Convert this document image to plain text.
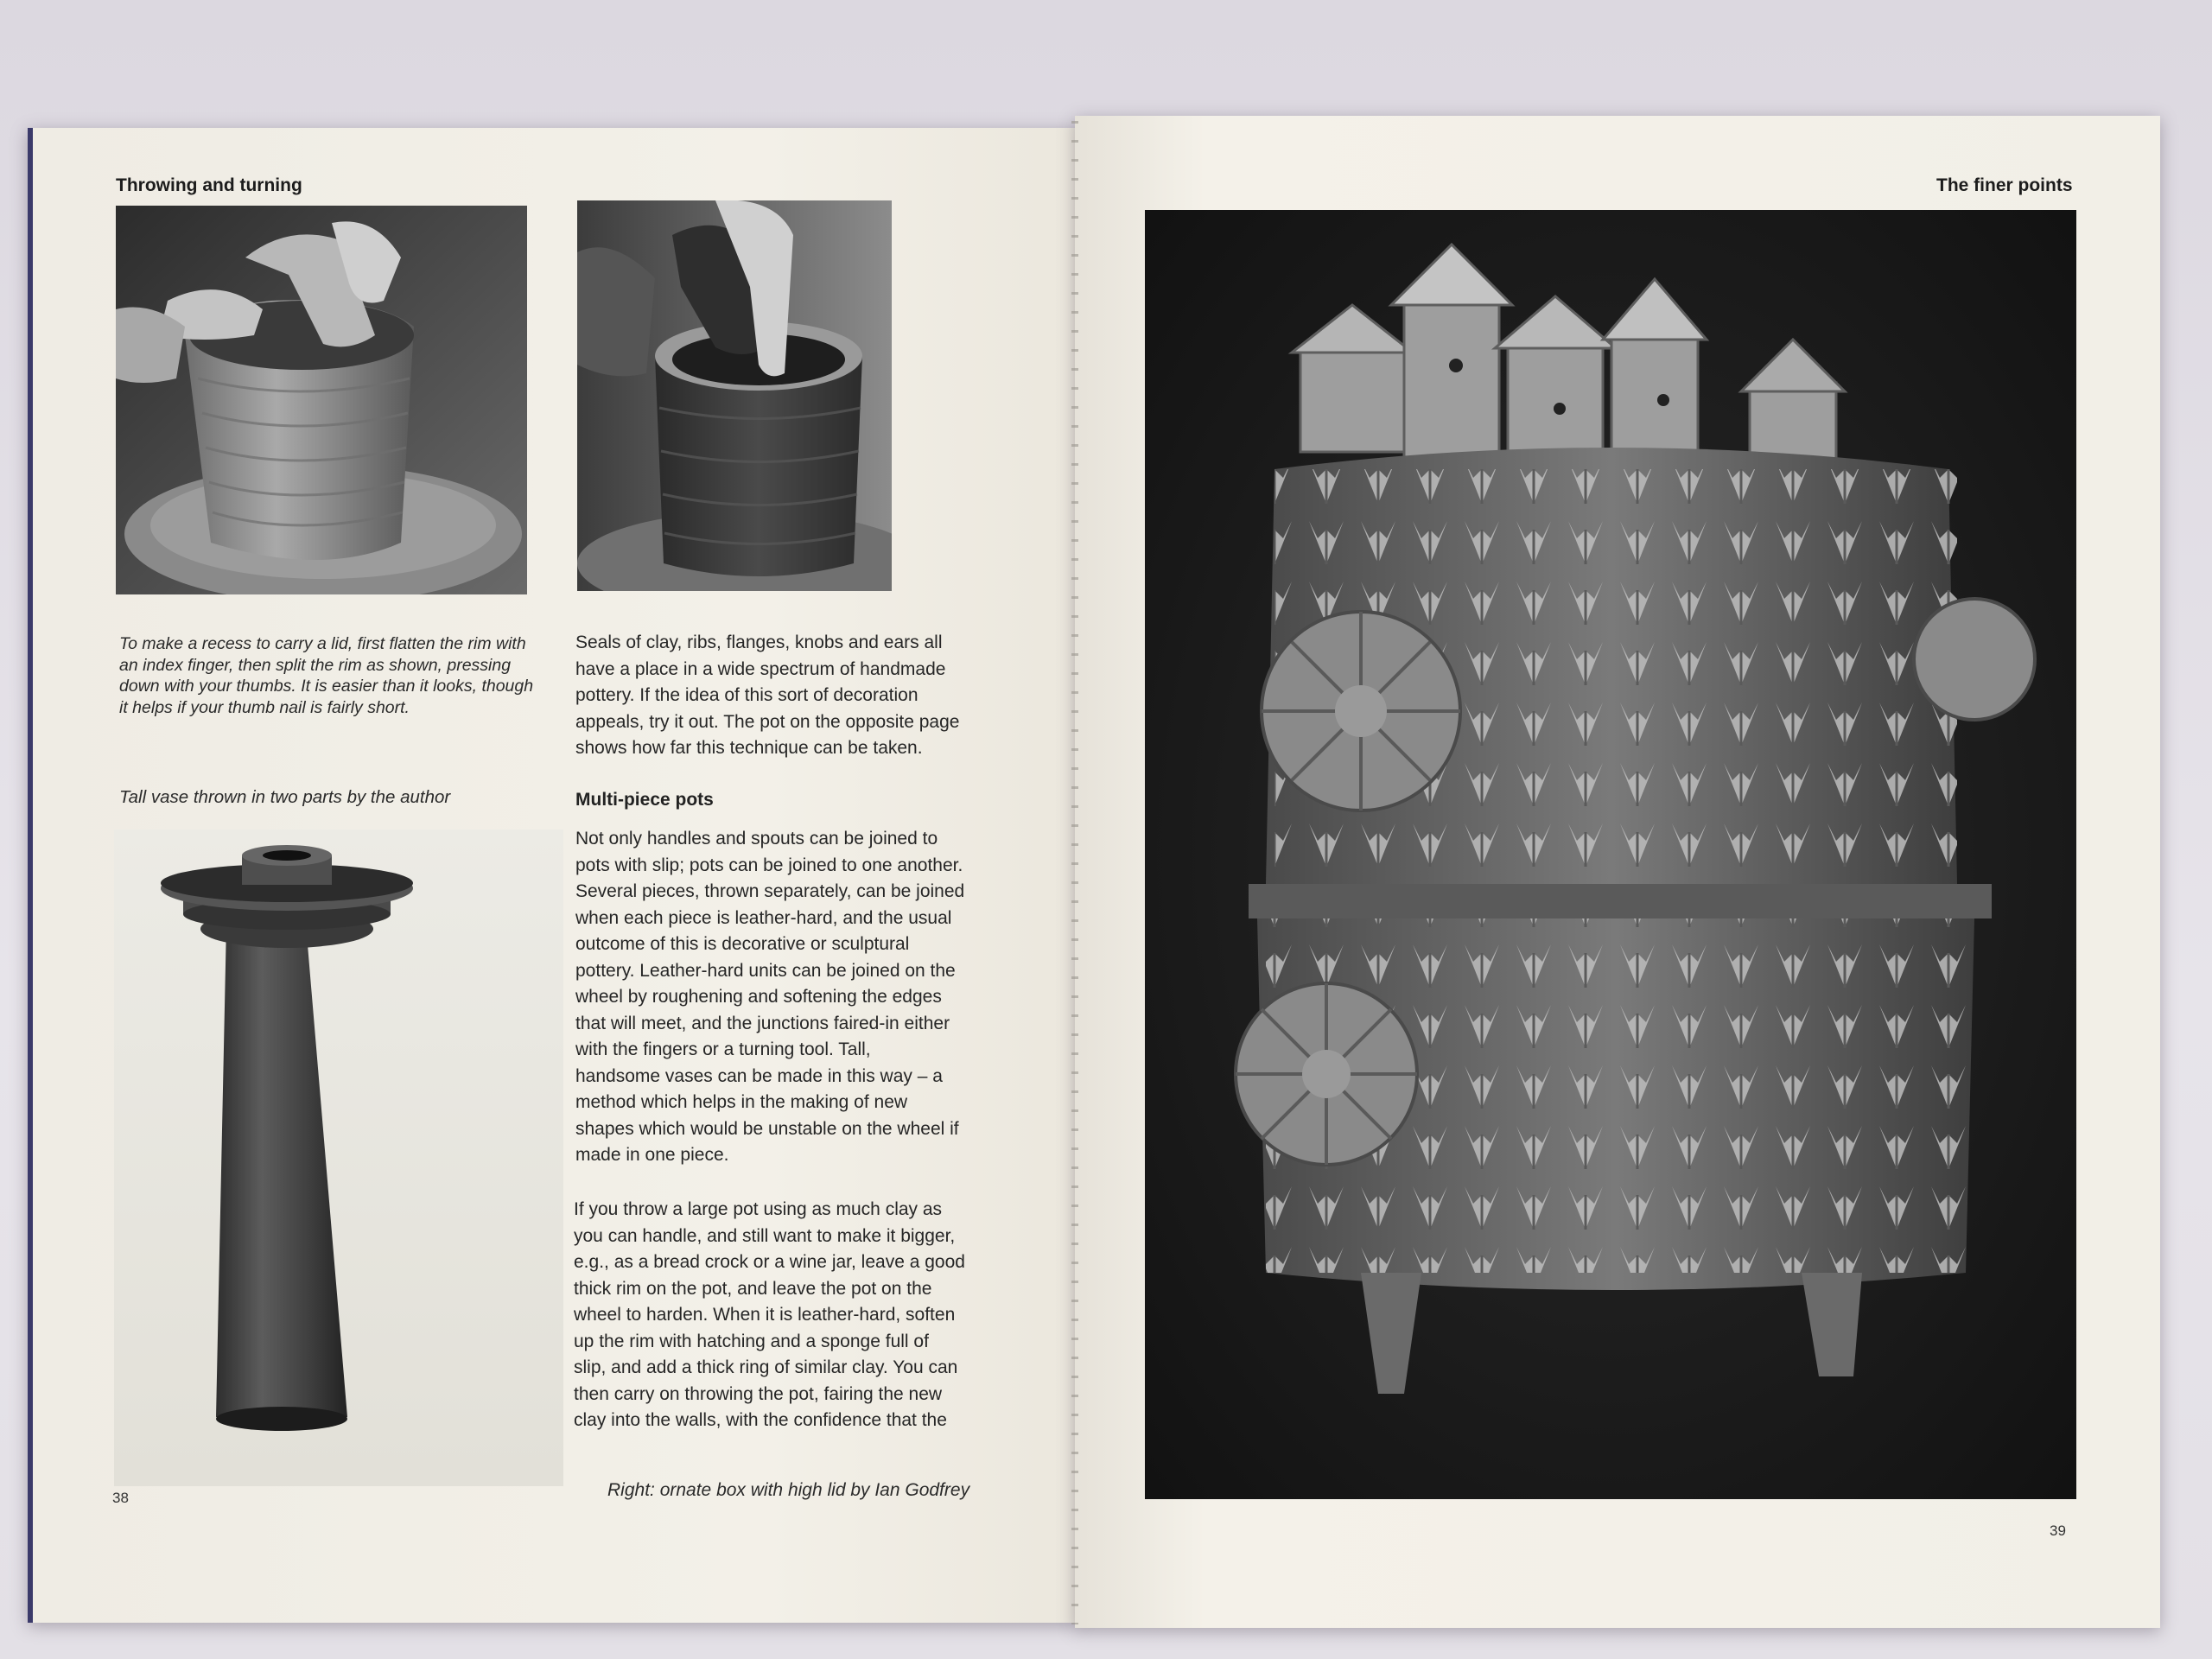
Throwing and turning
To make a recess to carry a lid, first flatten the rim with an index finger, then split the rim as shown, pressing down with your thumbs. It is easier than it looks, though it helps if your thumb nail is fairly short.
Tall vase thrown in two parts by the author
Seals of clay, ribs, flanges, knobs and ears all
have a place in a wide spectrum of handmade
pottery. If the idea of this sort of decoration
appeals, try it out. The pot on the opposite page
shows how far this technique can be taken.
Multi-piece pots
Not only handles and spouts can be joined to
pots with slip; pots can be joined to one another.
Several pieces, thrown separately, can be joined
when each piece is leather-hard, and the usual
outcome of this is decorative or sculptural
pottery. Leather-hard units can be joined on the
wheel by roughening and softening the edges
that will meet, and the junctions faired-in either
with the fingers or a turning tool. Tall,
handsome vases can be made in this way – a
method which helps in the making of new
shapes which would be unstable on the wheel if
made in one piece.
If you throw a large pot using as much clay as
you can handle, and still want to make it bigger,
e.g., as a bread crock or a wine jar, leave a good
thick rim on the pot, and leave the pot on the
wheel to harden. When it is leather-hard, soften
up the rim with hatching and a sponge full of
slip, and add a thick ring of similar clay. You can
then carry on throwing the pot, fairing the new
clay into the walls, with the confidence that the
Right: ornate box with high lid by Ian Godfrey
38
The finer points
39
